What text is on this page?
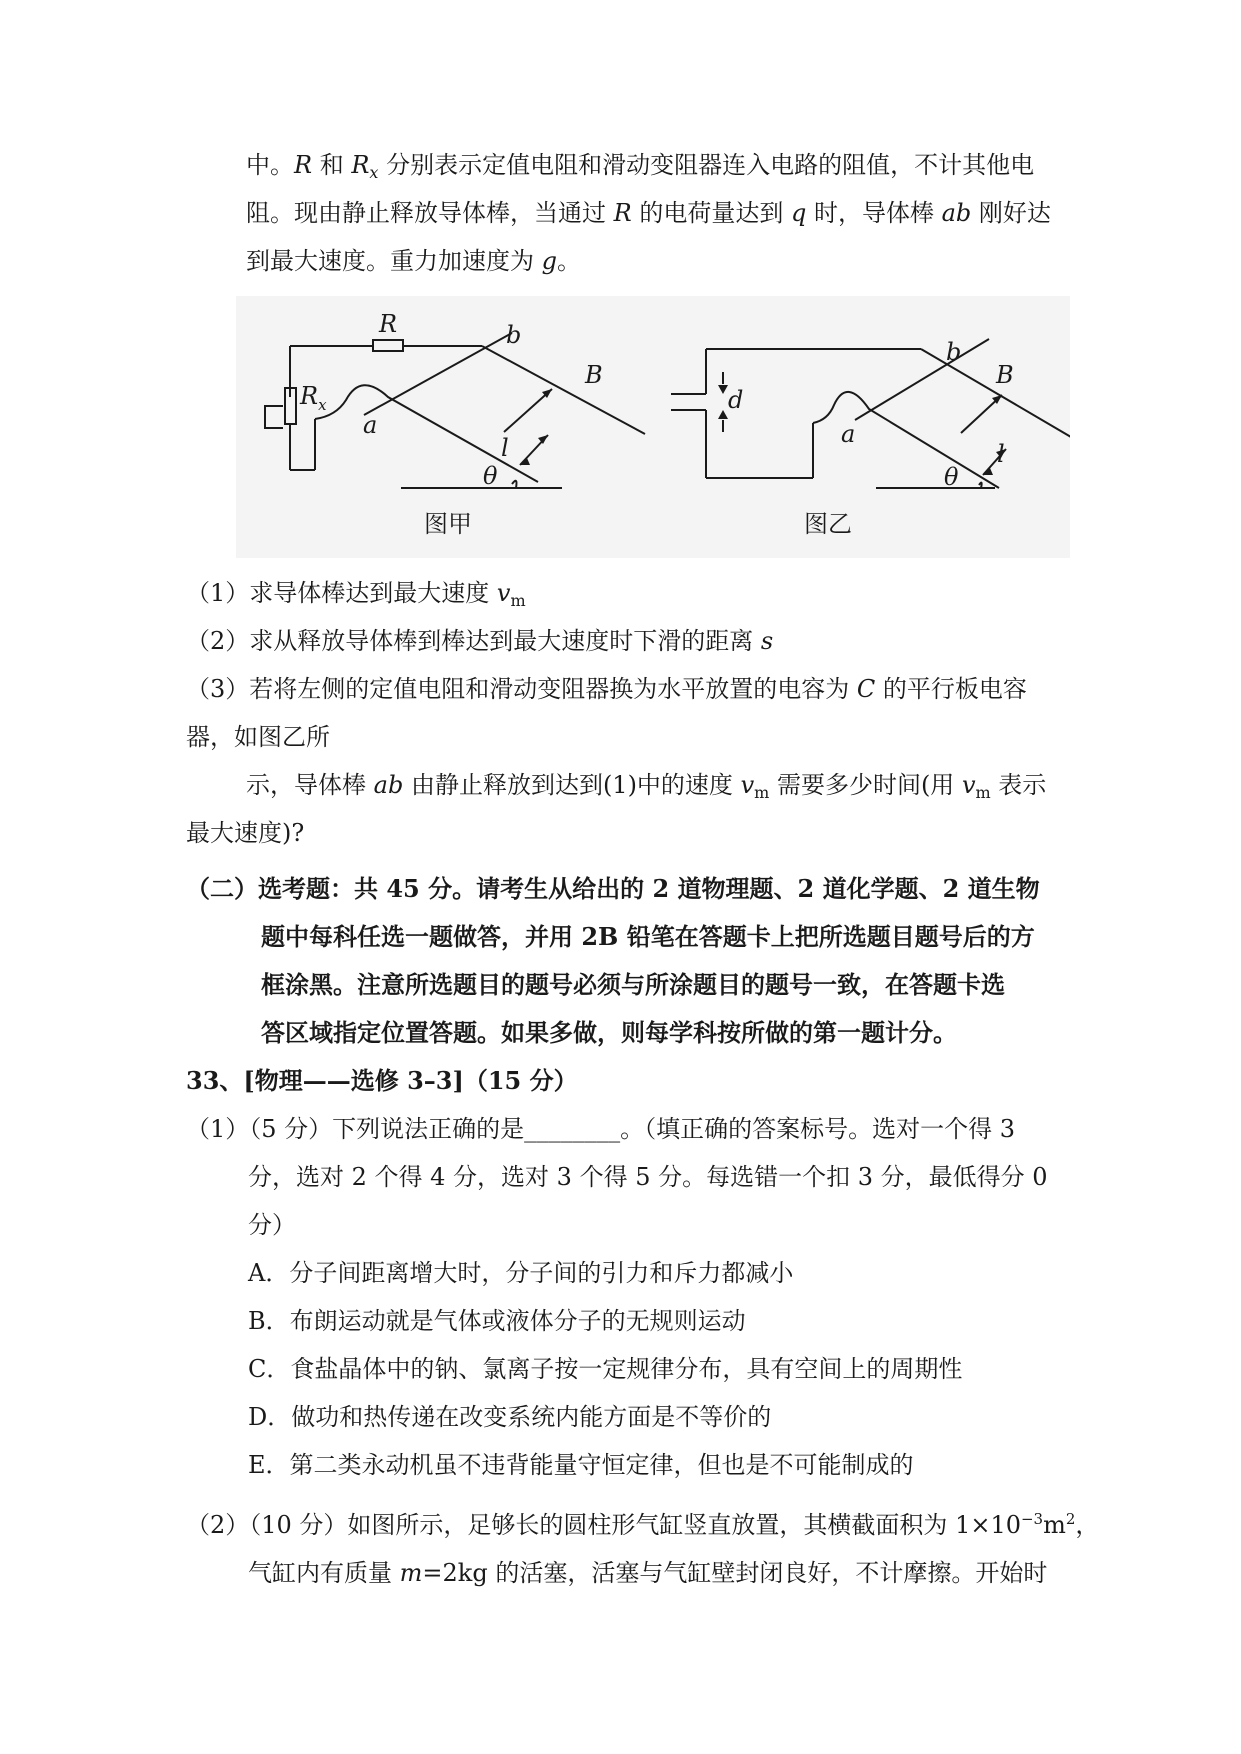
中。R 和 $R_x$ 分别表示定值电阻和滑动变阻器连入电路的阻值，不计其他电
阻。现由静止释放导体棒，当通过 R 的电荷量达到 q 时，导体棒 ab 刚好达
到最大速度。重力加速度为 g。
R
$R_x$
a
b
B
l
θ
图甲
d
a
b
B
l
θ
图乙
（1）求导体棒达到最大速度 $v_m$
（2）求从释放导体棒到棒达到最大速度时下滑的距离 s
（3）若将左侧的定值电阻和滑动变阻器换为水平放置的电容为 C 的平行板电容
器，如图乙所
示，导体棒 ab 由静止释放到达到(1)中的速度 $v_m$ 需要多少时间(用 $v_m$ 表示
最大速度)?
（二）选考题：共 45 分。请考生从给出的 2 道物理题、2 道化学题、2 道生物
题中每科任选一题做答，并用 2B 铅笔在答题卡上把所选题目题号后的方
框涂黑。注意所选题目的题号必须与所涂题目的题号一致，在答题卡选
答区域指定位置答题。如果多做，则每学科按所做的第一题计分。
33、[物理——选修 3–3]（15 分）
（1）（5 分）下列说法正确的是________。（填正确的答案标号。选对一个得 3
分，选对 2 个得 4 分，选对 3 个得 5 分。每选错一个扣 3 分，最低得分 0
分）
A．分子间距离增大时，分子间的引力和斥力都减小
B．布朗运动就是气体或液体分子的无规则运动
C．食盐晶体中的钠、氯离子按一定规律分布，具有空间上的周期性
D．做功和热传递在改变系统内能方面是不等价的
E．第二类永动机虽不违背能量守恒定律，但也是不可能制成的
（2）（10 分）如图所示，足够长的圆柱形气缸竖直放置，其横截面积为 $1\times 10^{-3}m^2$，
气缸内有质量 m=2kg 的活塞，活塞与气缸壁封闭良好，不计摩擦。开始时
